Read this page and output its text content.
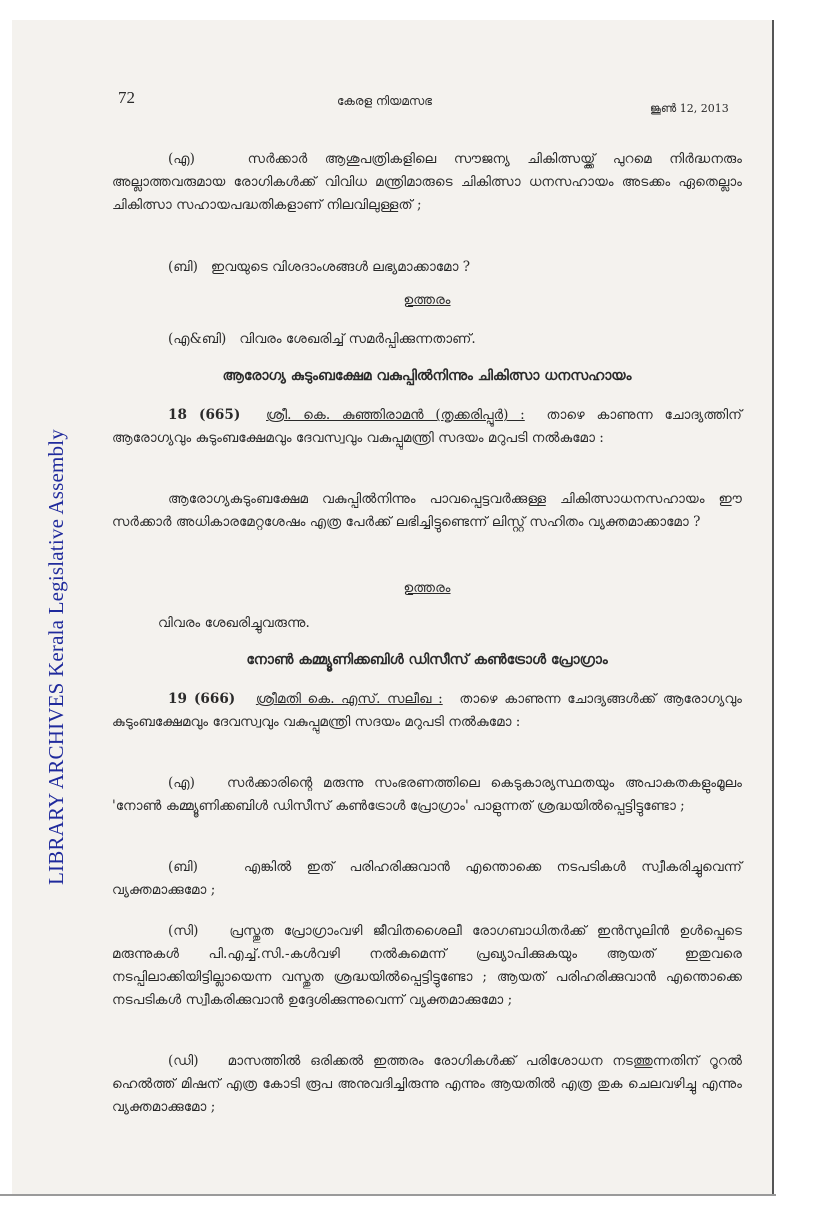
LIBRARY ARCHIVES Kerala Legislative Assembly
72	കേരള നിയമസഭ
ജൂൺ 12, 2013

(എ)	സർക്കാർ ആശുപത്രികളിലെ സൗജന്യ ചികിത്സയ്ക്ക് പുറമെ നിർദ്ധനരും അല്ലാത്തവരുമായ രോഗികൾക്ക് വിവിധ മന്ത്രിമാരുടെ ചികിത്സാ ധനസഹായം അടക്കം ഏതെല്ലാം ചികിത്സാ സഹായപദ്ധതികളാണ് നിലവിലുള്ളത് ;

(ബി) ഇവയുടെ വിശദാംശങ്ങൾ ലഭ്യമാക്കാമോ ?

ഉത്തരം

(എ&ബി) വിവരം ശേഖരിച്ച് സമർപ്പിക്കുന്നതാണ്.

ആരോഗ്യ കുടുംബക്ഷേമ വകുപ്പിൽനിന്നും ചികിത്സാ ധനസഹായം

18 (665) ശ്രീ. കെ. കുഞ്ഞിരാമൻ (തൃക്കരിപ്പൂർ) : താഴെ കാണുന്ന ചോദ്യത്തിന് ആരോഗ്യവും കുടുംബക്ഷേമവും ദേവസ്വവും വകുപ്പുമന്ത്രി സദയം മറുപടി നൽകുമോ :

ആരോഗ്യകുടുംബക്ഷേമ വകുപ്പിൽനിന്നും പാവപ്പെട്ടവർക്കുള്ള ചികിത്സാധനസഹായം ഈ സർക്കാർ അധികാരമേറ്റശേഷം എത്ര പേർക്ക് ലഭിച്ചിട്ടുണ്ടെന്ന് ലിസ്റ്റ് സഹിതം വ്യക്തമാക്കാമോ ?

ഉത്തരം

വിവരം ശേഖരിച്ചുവരുന്നു.

നോൺ കമ്മ്യൂണിക്കബിൾ ഡിസീസ് കൺട്രോൾ പ്രോഗ്രാം

19 (666) ശ്രീമതി കെ. എസ്. സലീഖ : താഴെ കാണുന്ന ചോദ്യങ്ങൾക്ക് ആരോഗ്യവും കുടുംബക്ഷേമവും ദേവസ്വവും വകുപ്പുമന്ത്രി സദയം മറുപടി നൽകുമോ :

(എ) സർക്കാരിന്റെ മരുന്നു സംഭരണത്തിലെ കെടുകാര്യസ്ഥതയും അപാകതകളുംമൂലം 'നോൺ കമ്മ്യൂണിക്കബിൾ ഡിസീസ് കൺട്രോൾ പ്രോഗ്രാം' പാളുന്നത് ശ്രദ്ധയിൽപ്പെട്ടിട്ടുണ്ടോ ;

(ബി)	എങ്കിൽ ഇത് പരിഹരിക്കുവാൻ എന്തൊക്കെ നടപടികൾ സ്വീകരിച്ചുവെന്ന് വ്യക്തമാക്കുമോ ;

(സി) പ്രസ്തുത പ്രോഗ്രാംവഴി ജീവിതശൈലീ രോഗബാധിതർക്ക് ഇൻസുലിൻ ഉൾപ്പെടെ മരുന്നുകൾ പി.എച്ച്.സി.-കൾവഴി നൽകുമെന്ന് പ്രഖ്യാപിക്കുകയും ആയത് ഇതുവരെ നടപ്പിലാക്കിയിട്ടില്ലായെന്ന വസ്തുത ശ്രദ്ധയിൽപ്പെട്ടിട്ടുണ്ടോ ; ആയത് പരിഹരിക്കുവാൻ എന്തൊക്കെ നടപടികൾ സ്വീകരിക്കുവാൻ ഉദ്ദേശിക്കുന്നുവെന്ന് വ്യക്തമാക്കുമോ ;

(ഡി) മാസത്തിൽ ഒരിക്കൽ ഇത്തരം രോഗികൾക്ക് പരിശോധന നടത്തുന്നതിന് റൂറൽ ഹെൽത്ത് മിഷന് എത്ര കോടി രൂപ അനുവദിച്ചിരുന്നു എന്നും ആയതിൽ എത്ര തുക ചെലവഴിച്ചു എന്നും വ്യക്തമാക്കുമോ ;
